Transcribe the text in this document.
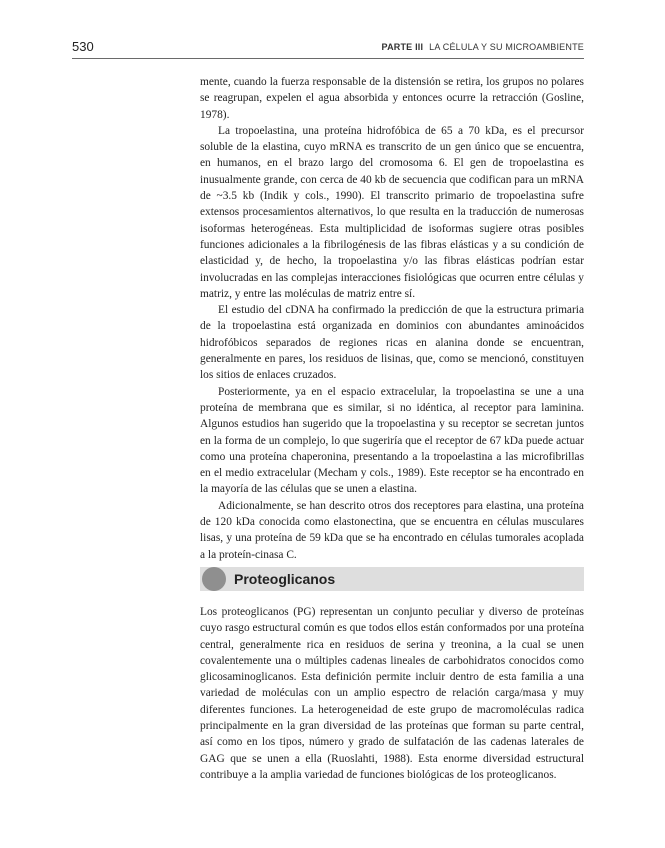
530	PARTE III LA CÉLULA Y SU MICROAMBIENTE

mente, cuando la fuerza responsable de la distensión se retira, los grupos no polares se reagrupan, expelen el agua absorbida y entonces ocurre la retracción (Gosline, 1978).

La tropoelastina, una proteína hidrofóbica de 65 a 70 kDa, es el precursor soluble de la elastina, cuyo mRNA es transcrito de un gen único que se encuentra, en humanos, en el brazo largo del cromosoma 6. El gen de tropoelastina es inusualmente grande, con cerca de 40 kb de secuencia que codifican para un mRNA de ~3.5 kb (Indik y cols., 1990). El transcrito primario de tropoelastina sufre extensos procesamientos alternativos, lo que resulta en la traducción de numerosas isoformas heterogéneas. Esta multiplicidad de isoformas sugiere otras posibles funciones adicionales a la fibrilogénesis de las fibras elásticas y a su condición de elasticidad y, de hecho, la tropoelastina y/o las fibras elásticas podrían estar involucradas en las complejas interacciones fisiológicas que ocurren entre células y matriz, y entre las moléculas de matriz entre sí.

El estudio del cDNA ha confirmado la predicción de que la estructura primaria de la tropoelastina está organizada en dominios con abundantes aminoácidos hidrofóbicos separados de regiones ricas en alanina donde se encuentran, generalmente en pares, los residuos de lisinas, que, como se mencionó, constituyen los sitios de enlaces cruzados.

Posteriormente, ya en el espacio extracelular, la tropoelastina se une a una proteína de membrana que es similar, si no idéntica, al receptor para laminina. Algunos estudios han sugerido que la tropoelastina y su receptor se secretan juntos en la forma de un complejo, lo que sugeriría que el receptor de 67 kDa puede actuar como una proteína chaperonina, presentando a la tropoelastina a las microfibrillas en el medio extracelular (Mecham y cols., 1989). Este receptor se ha encontrado en la mayoría de las células que se unen a elastina.

Adicionalmente, se han descrito otros dos receptores para elastina, una proteína de 120 kDa conocida como elastonectina, que se encuentra en células musculares lisas, y una proteína de 59 kDa que se ha encontrado en células tumorales acoplada a la proteín-cinasa C.

Proteoglicanos

Los proteoglicanos (PG) representan un conjunto peculiar y diverso de proteínas cuyo rasgo estructural común es que todos ellos están conformados por una proteína central, generalmente rica en residuos de serina y treonina, a la cual se unen covalentemente una o múltiples cadenas lineales de carbohidratos conocidos como glicosaminoglicanos. Esta definición permite incluir dentro de esta familia a una variedad de moléculas con un amplio espectro de relación carga/masa y muy diferentes funciones. La heterogeneidad de este grupo de macromoléculas radica principalmente en la gran diversidad de las proteínas que forman su parte central, así como en los tipos, número y grado de sulfatación de las cadenas laterales de GAG que se unen a ella (Ruoslahti, 1988). Esta enorme diversidad estructural contribuye a la amplia variedad de funciones biológicas de los proteoglicanos.
